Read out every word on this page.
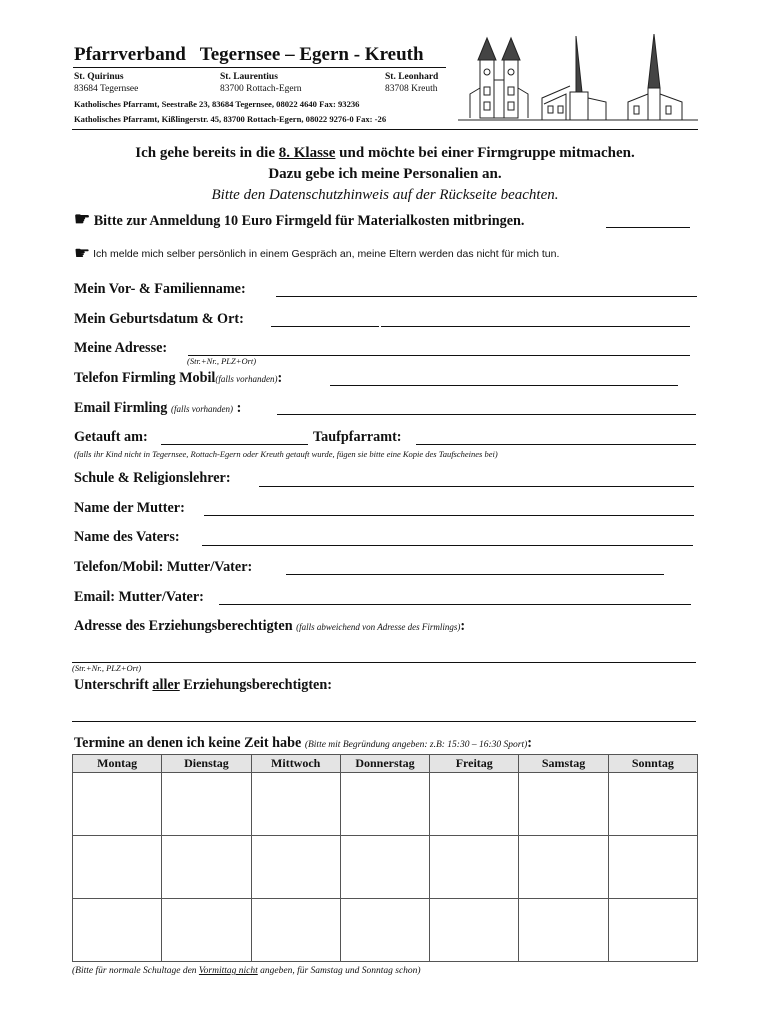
Pfarrverband Tegernsee – Egern - Kreuth
St. Quirinus
83684 Tegernsee
St. Laurentius
83700 Rottach-Egern
St. Leonhard
83708 Kreuth
Katholisches Pfarramt, Seestraße 23, 83684 Tegernsee, 08022 4640 Fax: 93236
Katholisches Pfarramt, Kißlingerstr. 45, 83700 Rottach-Egern, 08022 9276-0 Fax: -26
Ich gehe bereits in die 8. Klasse und möchte bei einer Firmgruppe mitmachen.
Dazu gebe ich meine Personalien an.
Bitte den Datenschutzhinweis auf der Rückseite beachten.
☛ Bitte zur Anmeldung 10 Euro Firmgeld für Materialkosten mitbringen.
☛ Ich melde mich selber persönlich in einem Gespräch an, meine Eltern werden das nicht für mich tun.
Mein Vor- & Familienname:
Mein Geburtsdatum & Ort:
Meine Adresse:
(Str.+Nr., PLZ+Ort)
Telefon Firmling Mobil(falls vorhanden):
Email Firmling (falls vorhanden) :
Getauft am:	Taufpfarramt:
(falls ihr Kind nicht in Tegernsee, Rottach-Egern oder Kreuth getauft wurde, fügen sie bitte eine Kopie des Taufscheines bei)
Schule & Religionslehrer:
Name der Mutter:
Name des Vaters:
Telefon/Mobil: Mutter/Vater:
Email: Mutter/Vater:
Adresse des Erziehungsberechtigten (falls abweichend von Adresse des Firmlings):
(Str.+Nr., PLZ+Ort)
Unterschrift aller Erziehungsberechtigten:
Termine an denen ich keine Zeit habe (Bitte mit Begründung angeben: z.B: 15:30 – 16:30 Sport):
Montag	Dienstag	Mittwoch	Donnerstag	Freitag	Samstag	Sonntag

(Bitte für normale Schultage den Vormittag nicht angeben, für Samstag und Sonntag schon)
